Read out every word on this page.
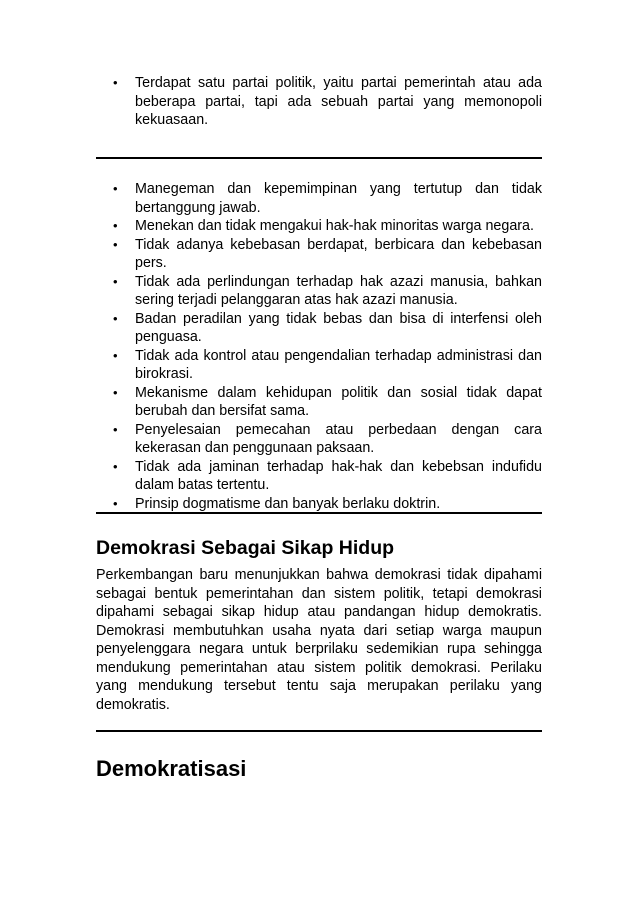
•	Terdapat satu partai politik, yaitu partai pemerintah atau ada beberapa partai, tapi ada sebuah partai yang memonopoli kekuasaan.
•	Manegeman dan kepemimpinan yang tertutup dan tidak bertanggung jawab.
•	Menekan dan tidak mengakui hak-hak minoritas warga negara.
•	Tidak adanya kebebasan berdapat, berbicara dan kebebasan pers.
•	Tidak ada perlindungan terhadap hak azazi manusia, bahkan sering terjadi pelanggaran atas hak azazi manusia.
•	Badan peradilan yang tidak bebas dan bisa di interfensi oleh penguasa.
•	Tidak ada kontrol atau pengendalian terhadap administrasi dan birokrasi.
•	Mekanisme dalam kehidupan politik dan sosial tidak dapat berubah dan bersifat sama.
•	Penyelesaian pemecahan atau perbedaan dengan cara kekerasan dan penggunaan paksaan.
•	Tidak ada jaminan terhadap hak-hak dan kebebsan indufidu dalam batas tertentu.
•	Prinsip dogmatisme dan banyak berlaku doktrin.
Demokrasi Sebagai Sikap Hidup

Perkembangan baru menunjukkan bahwa demokrasi tidak dipahami sebagai bentuk pemerintahan dan sistem politik, tetapi demokrasi dipahami sebagai sikap hidup atau pandangan hidup demokratis. Demokrasi membutuhkan usaha nyata dari setiap warga maupun penyelenggara negara untuk berprilaku sedemikian rupa sehingga mendukung pemerintahan atau sistem politik demokrasi. Perilaku yang mendukung tersebut tentu saja merupakan perilaku yang demokratis.

Demokratisasi
